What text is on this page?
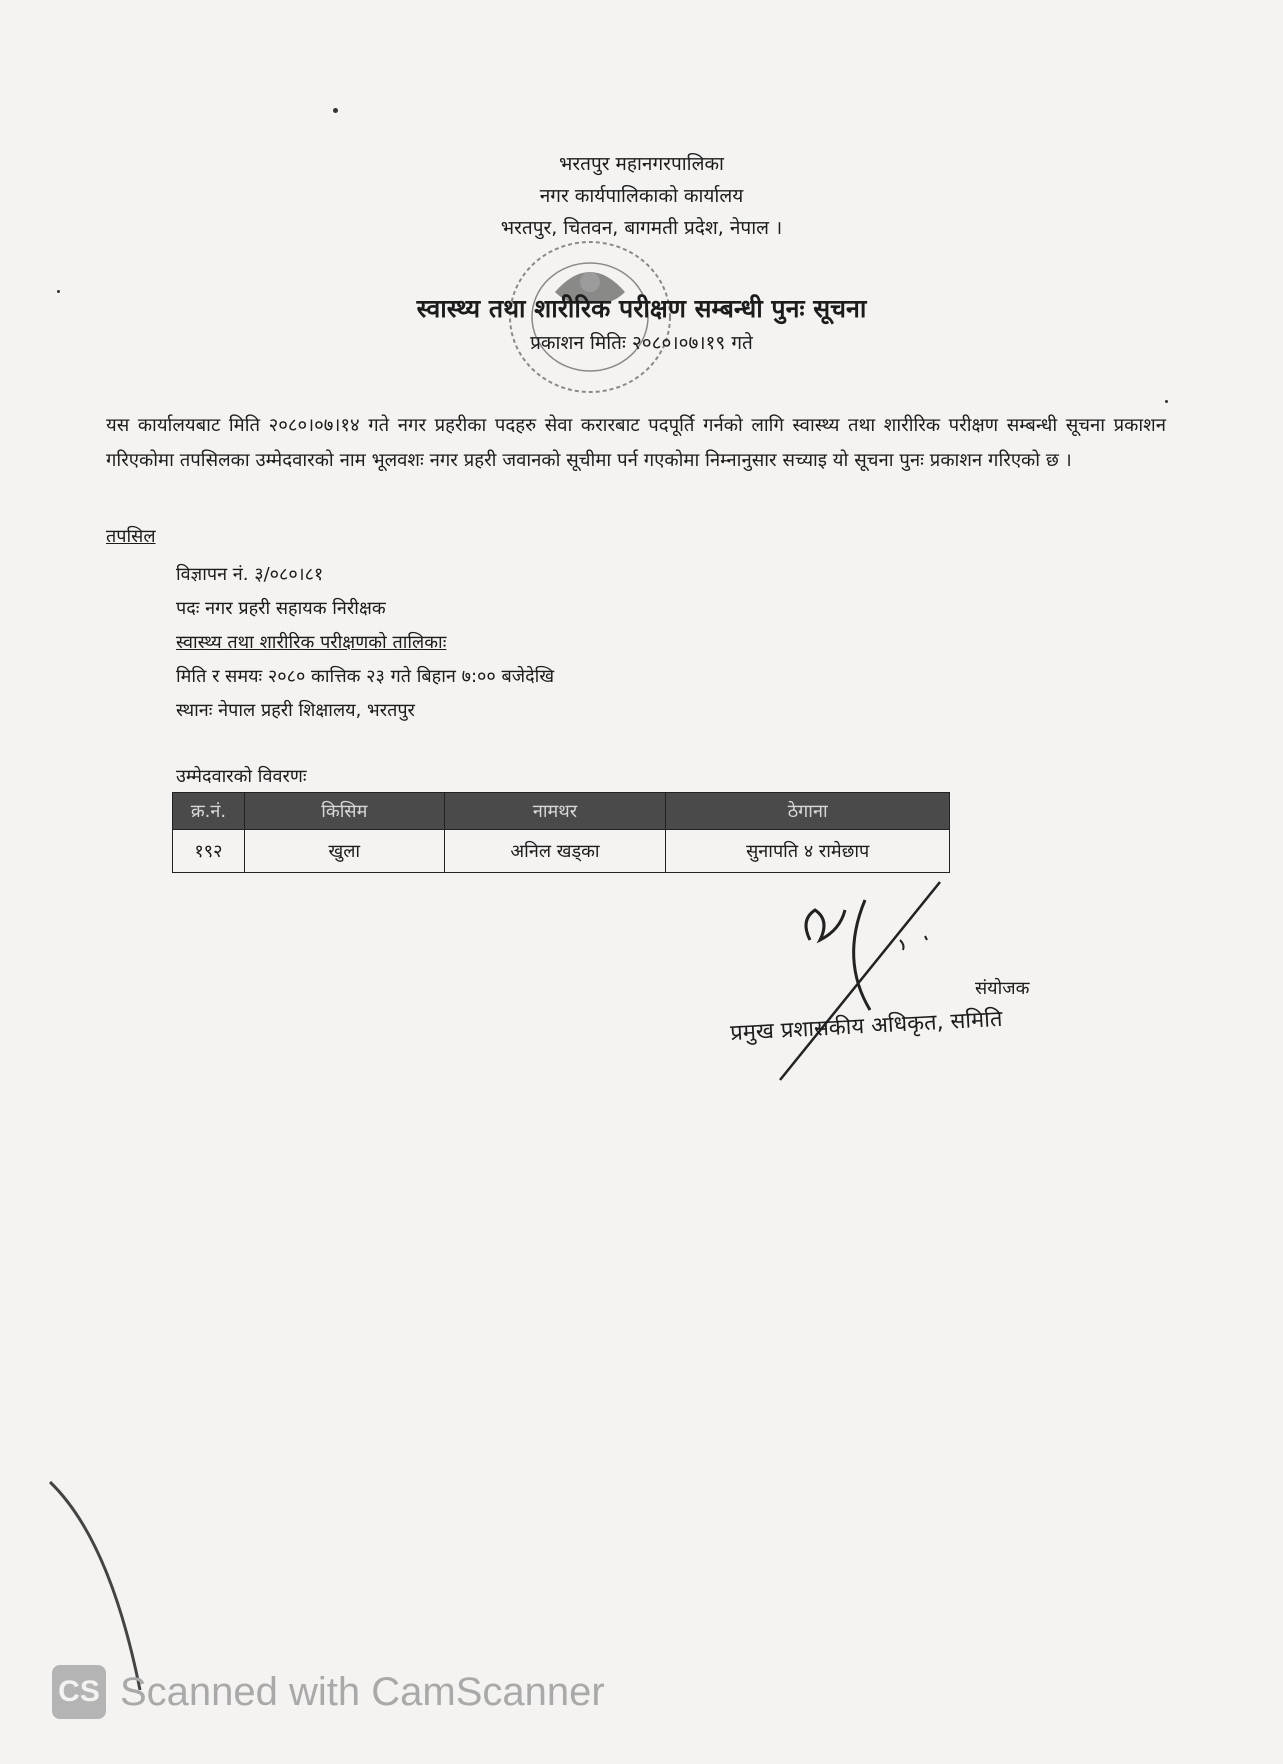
भरतपुर महानगरपालिका
नगर कार्यपालिकाको कार्यालय
भरतपुर, चितवन, बागमती प्रदेश, नेपाल ।
स्वास्थ्य तथा शारीरिक परीक्षण सम्बन्धी पुनः सूचना
प्रकाशन मितिः २०८०।०७।१९ गते
यस कार्यालयबाट मिति २०८०।०७।१४ गते नगर प्रहरीका पदहरु सेवा करारबाट पदपूर्ति गर्नको लागि स्वास्थ्य तथा शारीरिक परीक्षण सम्बन्धी सूचना प्रकाशन गरिएकोमा तपसिलका उम्मेदवारको नाम भूलवशः नगर प्रहरी जवानको सूचीमा पर्न गएकोमा निम्नानुसार सच्याइ यो सूचना पुनः प्रकाशन गरिएको छ ।
तपसिल
विज्ञापन नं. ३/०८०।८१
पदः नगर प्रहरी सहायक निरीक्षक
स्वास्थ्य तथा शारीरिक परीक्षणको तालिकाः
मिति र समयः २०८० कात्तिक २३ गते बिहान ७:०० बजेदेखि
स्थानः नेपाल प्रहरी शिक्षालय, भरतपुर
उम्मेदवारको विवरणः
क्र.नं.	किसिम	नामथर	ठेगाना
१९२	खुला	अनिल खड्का	सुनापति ४ रामेछाप
संयोजक
प्रमुख प्रशासकीय अधिकृत, समिति
CS Scanned with CamScanner
